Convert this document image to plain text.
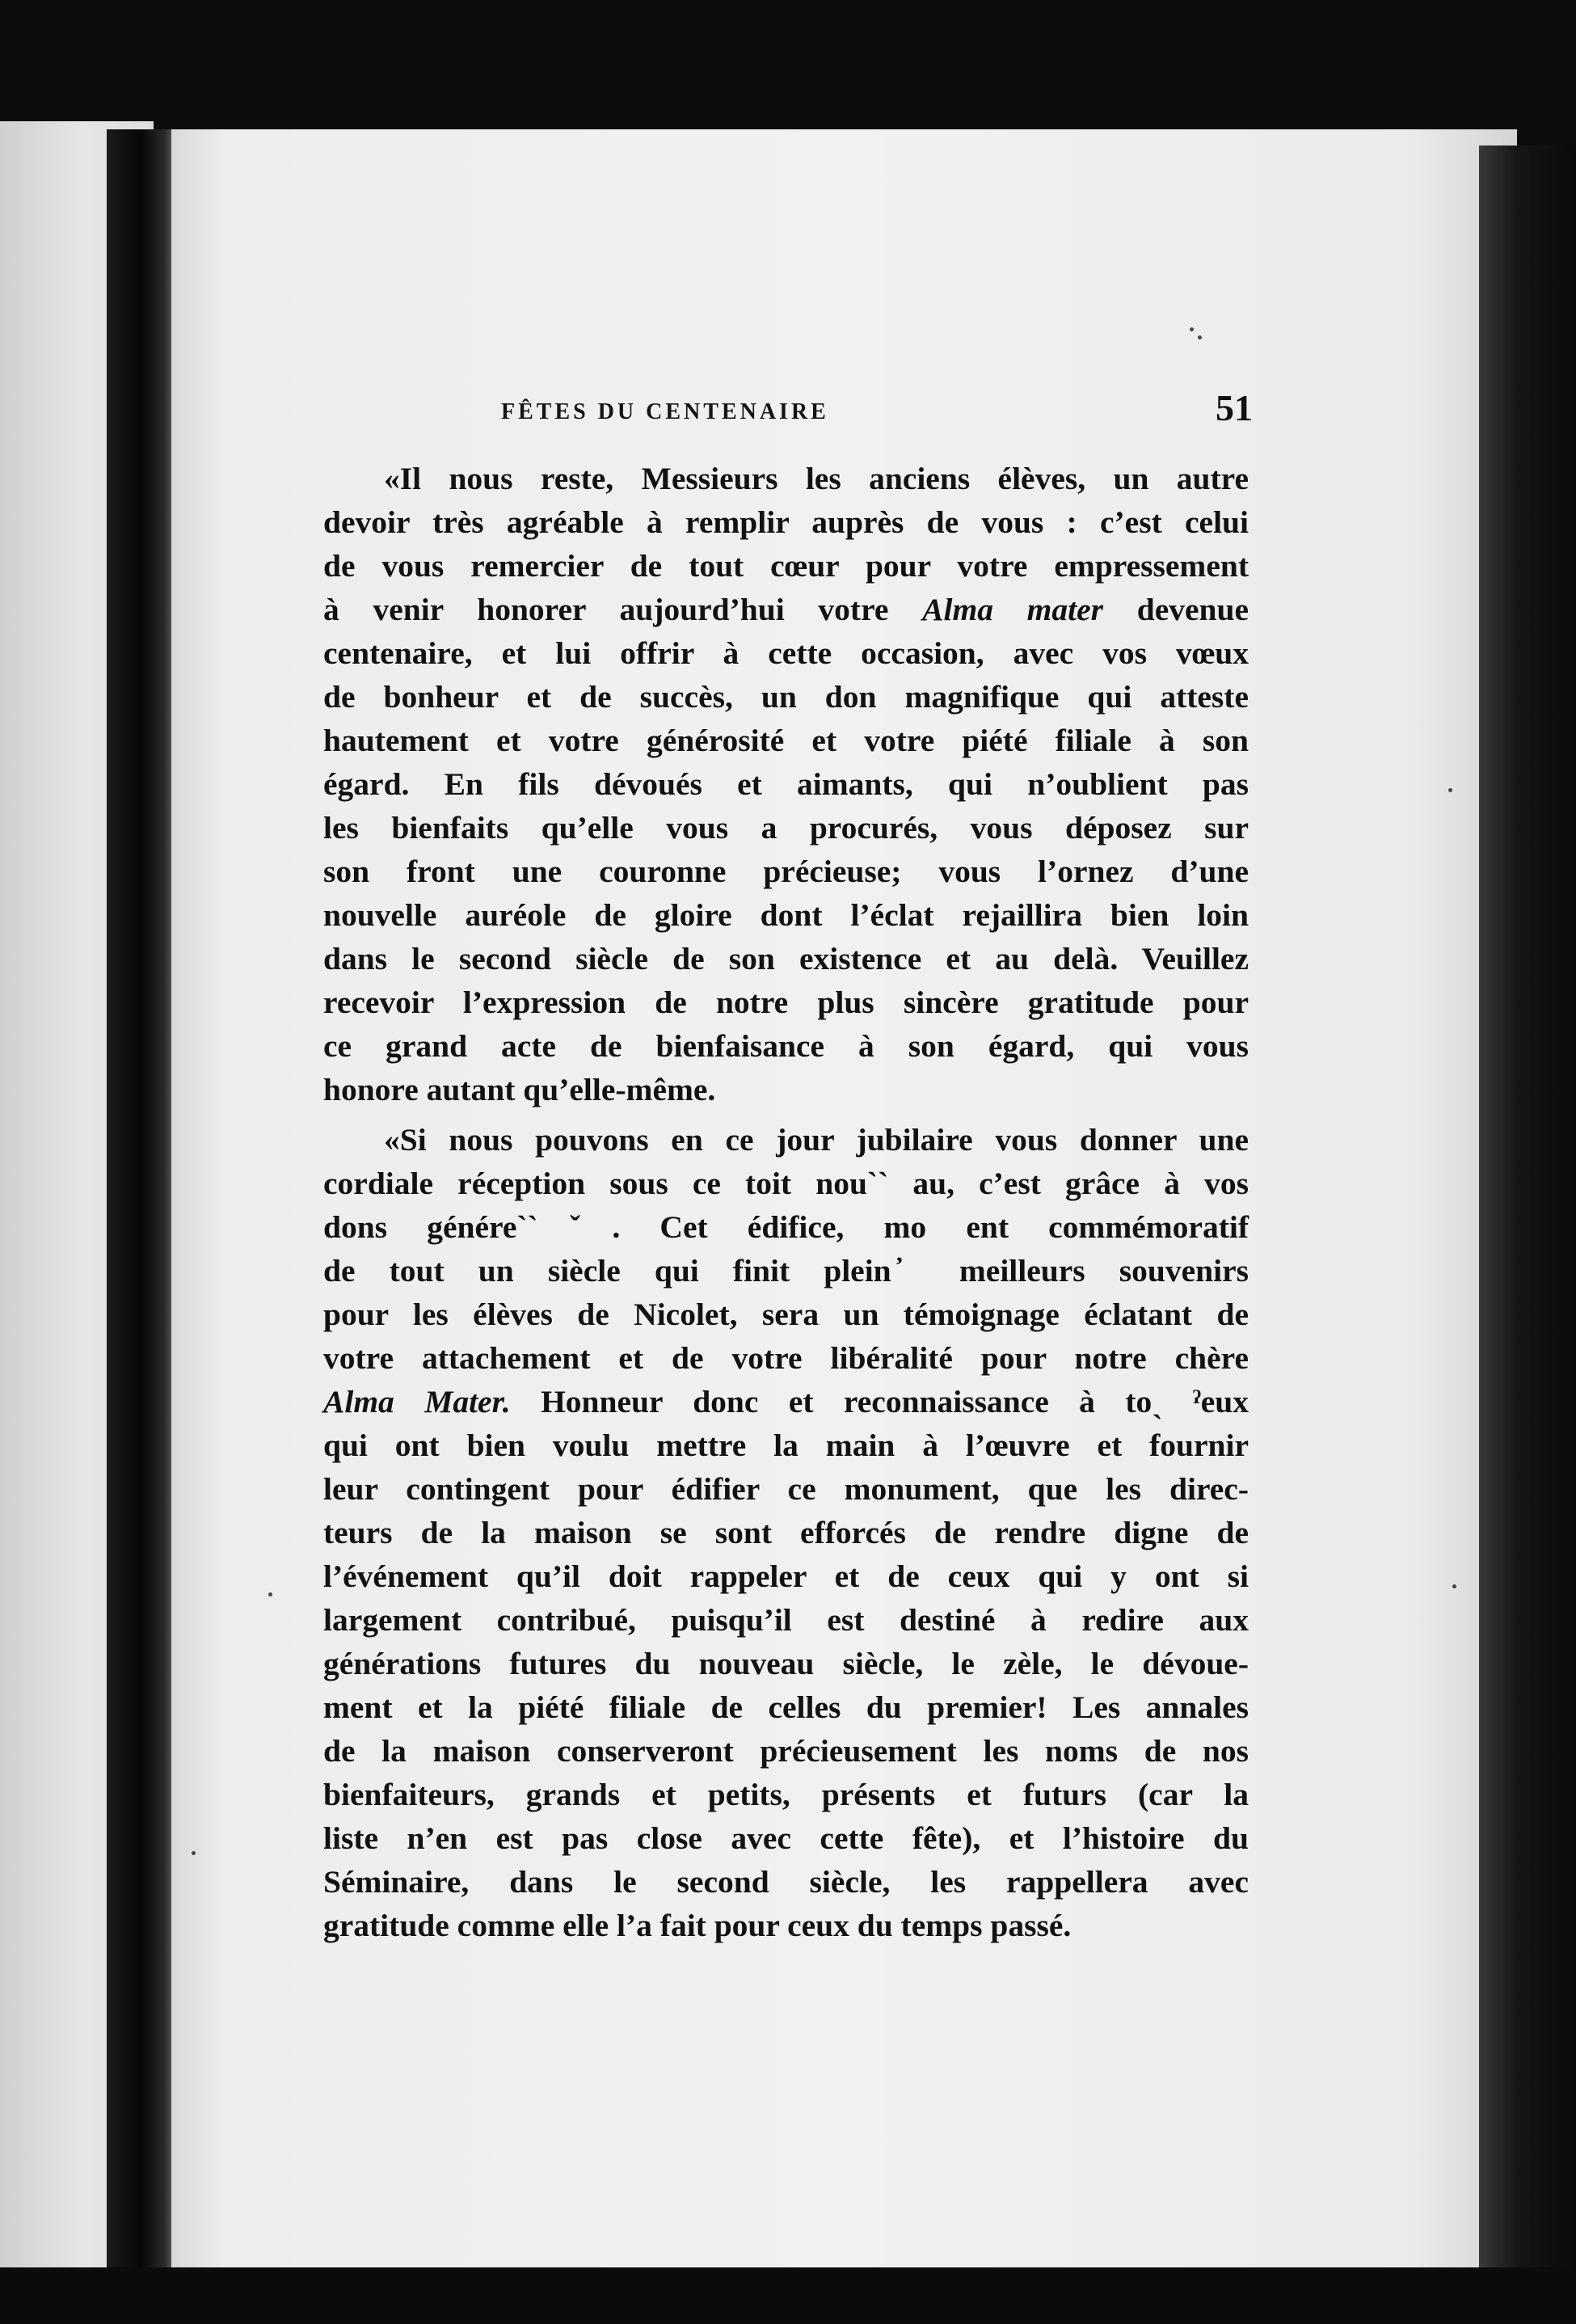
FÊTES DU CENTENAIRE	51
«Il nous reste, Messieurs les anciens élèves, un autre
devoir très agréable à remplir auprès de vous : c’est celui
de vous remercier de tout cœur pour votre empressement
à venir honorer aujourd’hui votre Alma mater devenue
centenaire, et lui offrir à cette occasion, avec vos vœux
de bonheur et de succès, un don magnifique qui atteste
hautement et votre générosité et votre piété filiale à son
égard. En fils dévoués et aimants, qui n’oublient pas
les bienfaits qu’elle vous a procurés, vous déposez sur
son front une couronne précieuse; vous l’ornez d’une
nouvelle auréole de gloire dont l’éclat rejaillira bien loin
dans le second siècle de son existence et au delà. Veuillez
recevoir l’expression de notre plus sincère gratitude pour
ce grand acte de bienfaisance à son égard, qui vous
honore autant qu’elle-même.
«Si nous pouvons en ce jour jubilaire vous donner une
cordiale réception sous ce toit nou`` au, c’est grâce à vos
dons génére``ˇ. Cet édifice, mo ent commémoratif
de tout un siècle qui finit plein ҆ meilleurs souvenirs
pour les élèves de Nicolet, sera un témoignage éclatant de
votre attachement et de votre libéralité pour notre chère
Alma Mater. Honneur donc et reconnaissance à toˎ ˀeux
qui ont bien voulu mettre la main à l’œuvre et fournir
leur contingent pour édifier ce monument, que les direc-
teurs de la maison se sont efforcés de rendre digne de
l’événement qu’il doit rappeler et de ceux qui y ont si
largement contribué, puisqu’il est destiné à redire aux
générations futures du nouveau siècle, le zèle, le dévoue-
ment et la piété filiale de celles du premier! Les annales
de la maison conserveront précieusement les noms de nos
bienfaiteurs, grands et petits, présents et futurs (car la
liste n’en est pas close avec cette fête), et l’histoire du
Séminaire, dans le second siècle, les rappellera avec
gratitude comme elle l’a fait pour ceux du temps passé.
